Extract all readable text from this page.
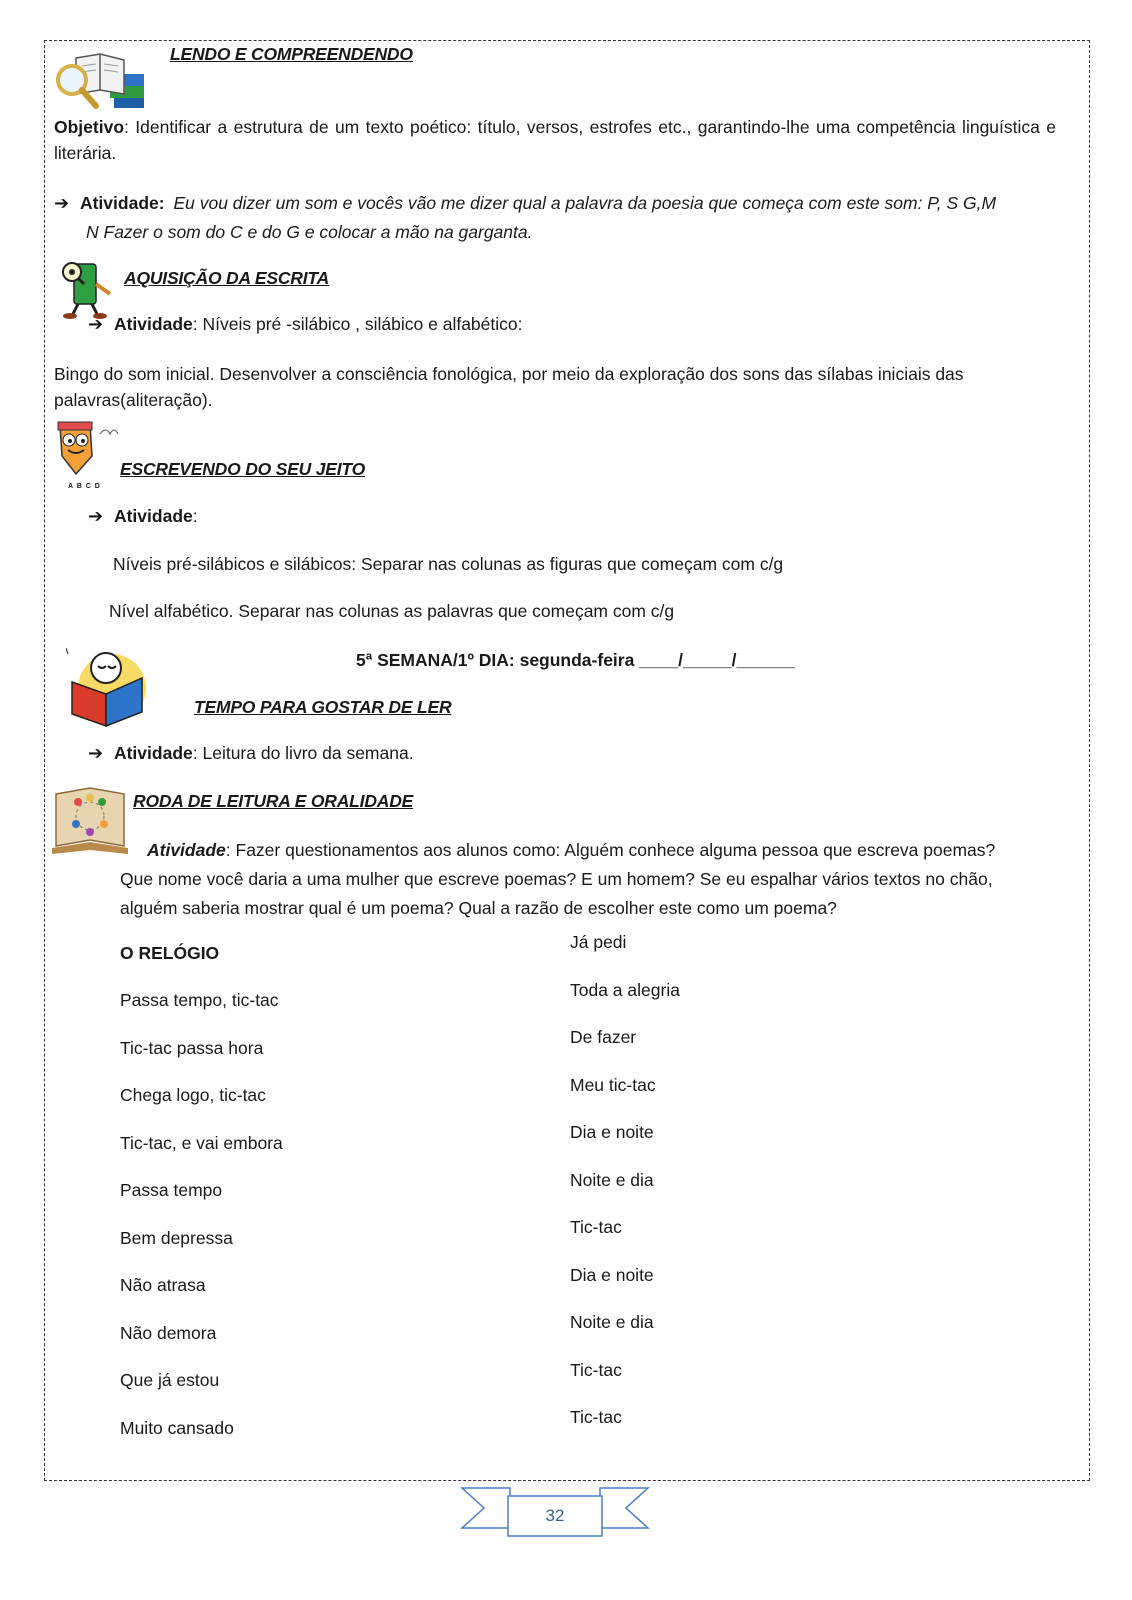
LENDO E COMPREENDENDO
Objetivo: Identificar a estrutura de um texto poético: título, versos, estrofes etc., garantindo-lhe uma competência linguística e literária.
➔ Atividade: Eu vou dizer um som e vocês vão me dizer qual a palavra da poesia que começa com este som: P, S G,M
N Fazer o som do C e do G e colocar a mão na garganta.
AQUISIÇÃO DA ESCRITA
➔ Atividade: Níveis pré -silábico , silábico e alfabético:
Bingo do som inicial. Desenvolver a consciência fonológica, por meio da exploração dos sons das sílabas iniciais das
palavras(aliteração).
A B C D
ESCREVENDO DO SEU JEITO
➔ Atividade:
Níveis pré-silábicos e silábicos: Separar nas colunas as figuras que começam com c/g
Nível alfabético. Separar nas colunas as palavras que começam com c/g
5ª SEMANA/1º DIA: segunda-feira ____/_____/______
TEMPO PARA GOSTAR DE LER
➔ Atividade: Leitura do livro da semana.
RODA DE LEITURA E ORALIDADE
Atividade: Fazer questionamentos aos alunos como: Alguém conhece alguma pessoa que escreva poemas?
Que nome você daria a uma mulher que escreve poemas? E um homem? Se eu espalhar vários textos no chão,
alguém saberia mostrar qual é um poema? Qual a razão de escolher este como um poema?
O RELÓGIO
Passa tempo, tic-tac
Tic-tac passa hora
Chega logo, tic-tac
Tic-tac, e vai embora
Passa tempo
Bem depressa
Não atrasa
Não demora
Que já estou
Muito cansado
Já pedi
Toda a alegria
De fazer
Meu tic-tac
Dia e noite
Noite e dia
Tic-tac
Dia e noite
Noite e dia
Tic-tac
Tic-tac
32
